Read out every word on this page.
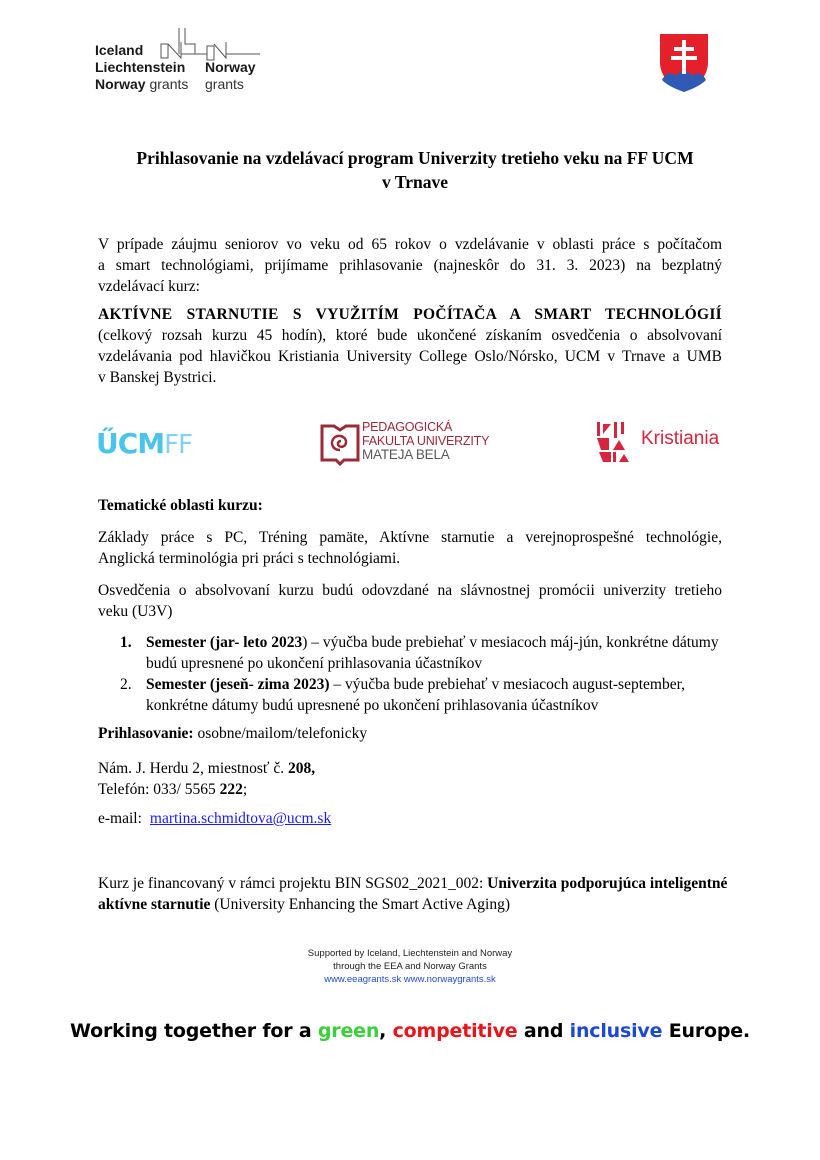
Iceland
Liechtenstein
Norway grants
Norway
grants
Prihlasovanie na vzdelávací program Univerzity tretieho veku na FF UCM
v Trnave
V prípade záujmu seniorov vo veku od 65 rokov o vzdelávanie v oblasti práce s počítačom
a smart technológiami, prijímame prihlasovanie (najneskôr do 31. 3. 2023) na bezplatný
vzdelávací kurz:
AKTÍVNE STARNUTIE S VYUŽITÍM POČÍTAČA A SMART TECHNOLÓGIÍ
(celkový rozsah kurzu 45 hodín), ktoré bude ukončené získaním osvedčenia o absolvovaní
vzdelávania pod hlavičkou Kristiania University College Oslo/Nórsko, UCM v Trnave a UMB
v Banskej Bystrici.
ŰCMFF
PEDAGOGICKÁ
FAKULTA UNIVERZITY
MATEJA BELA
Kristiania
Tematické oblasti kurzu:
Základy práce s PC, Tréning pamäte, Aktívne starnutie a verejnoprospešné technológie,
Anglická terminológia pri práci s technológiami.
Osvedčenia o absolvovaní kurzu budú odovzdané na slávnostnej promócii univerzity tretieho
veku (U3V)
1. Semester (jar- leto 2023) – výučba bude prebiehať v mesiacoch máj-jún, konkrétne dátumy budú upresnené po ukončení prihlasovania účastníkov
2. Semester (jeseň- zima 2023) – výučba bude prebiehať v mesiacoch august-september, konkrétne dátumy budú upresnené po ukončení prihlasovania účastníkov
Prihlasovanie: osobne/mailom/telefonicky
Nám. J. Herdu 2, miestnosť č. 208,
Telefón: 033/ 5565 222;
e-mail: martina.schmidtova@ucm.sk
Kurz je financovaný v rámci projektu BIN SGS02_2021_002: Univerzita podporujúca inteligentné aktívne starnutie (University Enhancing the Smart Active Aging)
Supported by Iceland, Liechtenstein and Norway
through the EEA and Norway Grants
www.eeagrants.sk www.norwaygrants.sk
Working together for a green, competitive and inclusive Europe.
